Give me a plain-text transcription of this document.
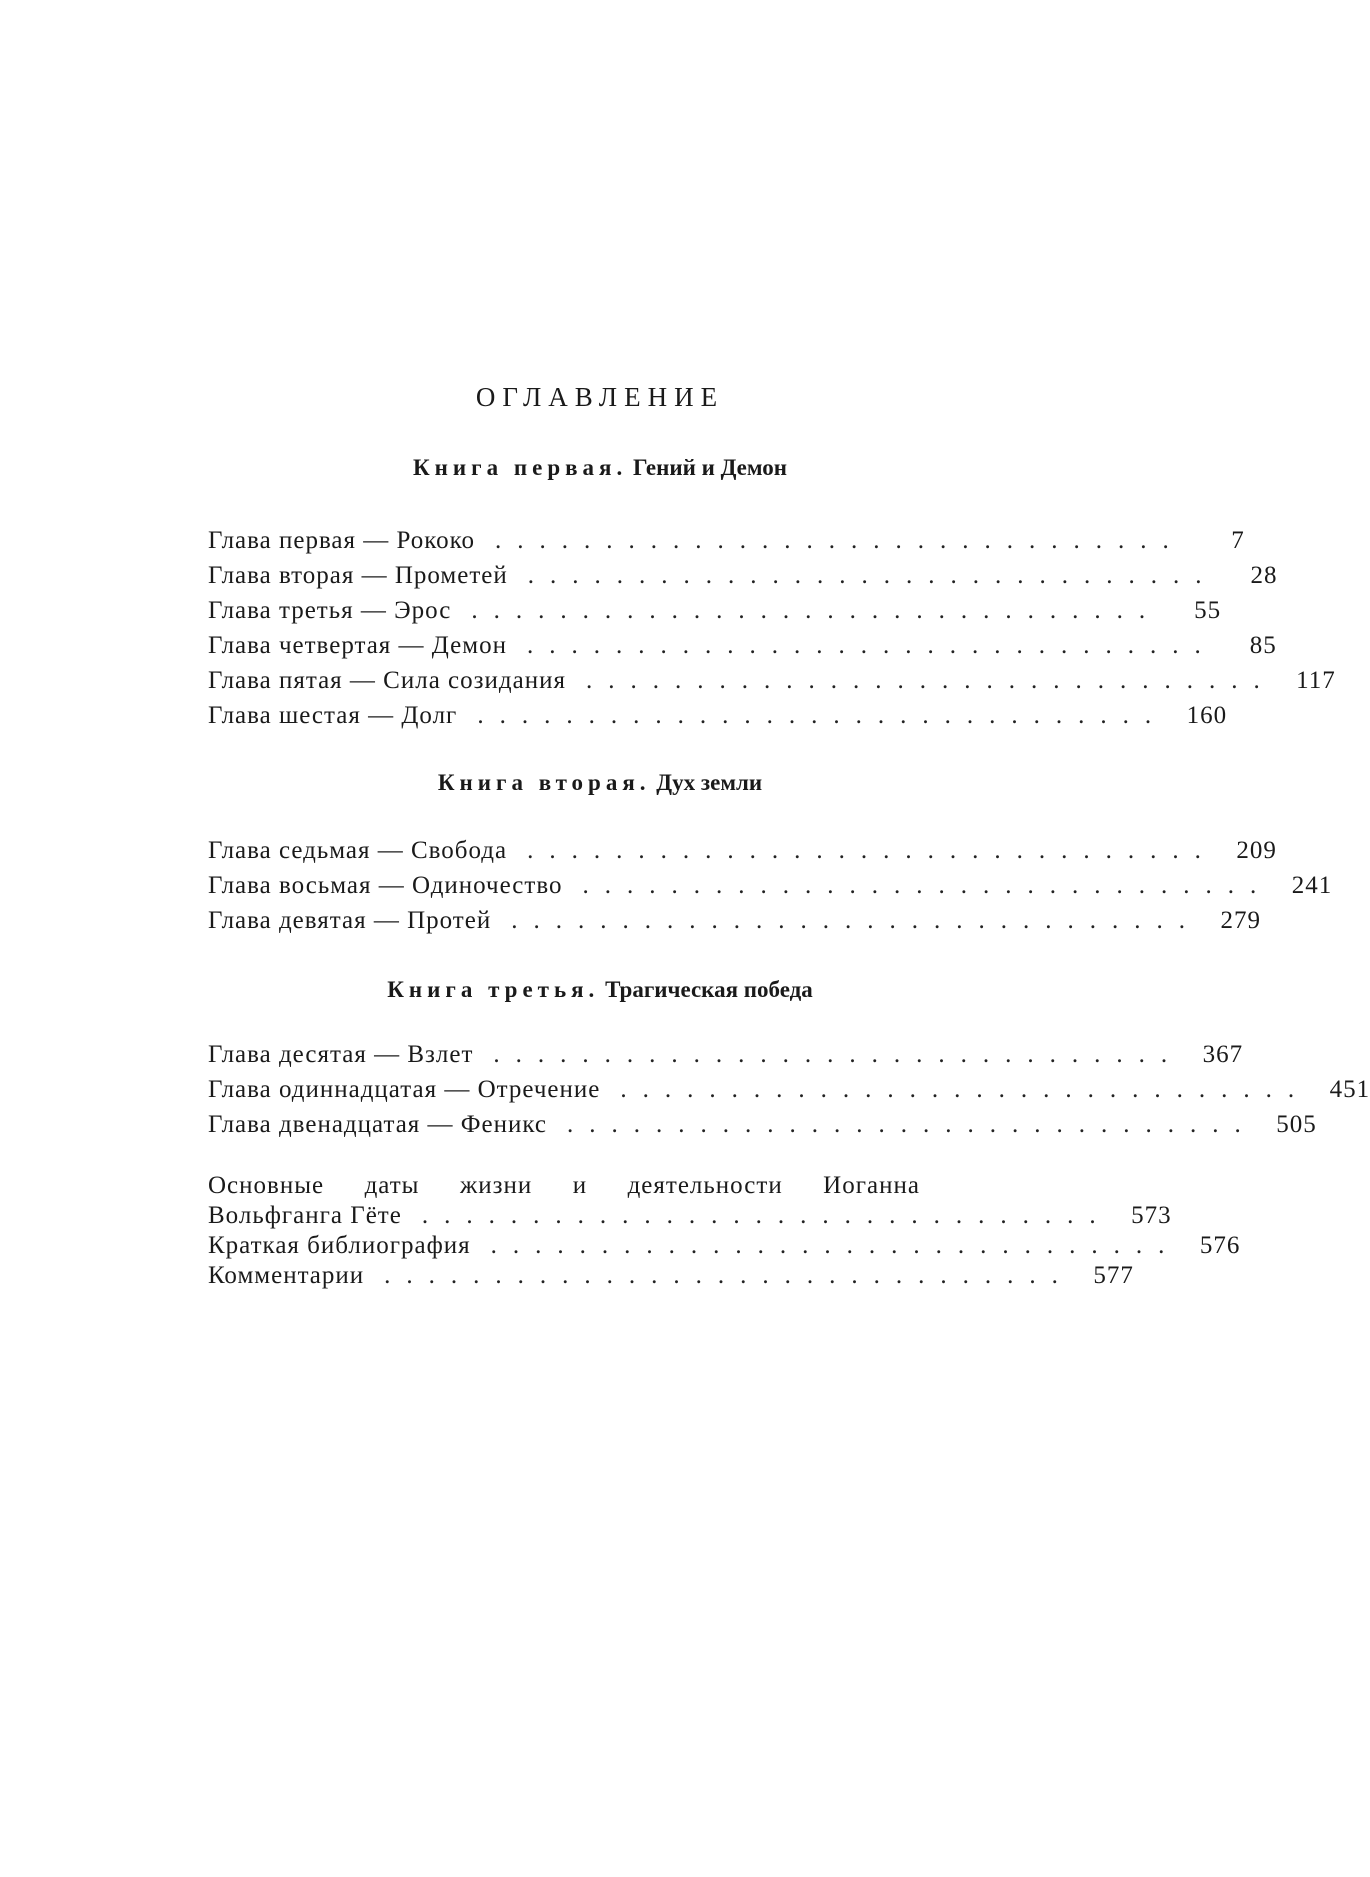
ОГЛАВЛЕНИЕ
Книга первая. Гений и Демон
Глава первая — Рококо ...............................	7
Глава вторая — Прометей ...............................	28
Глава третья — Эрос ...............................	55
Глава четвертая — Демон ...............................	85
Глава пятая — Сила созидания ............................... 117
Глава шестая — Долг ............................... 160
Книга вторая. Дух земли
Глава седьмая — Свобода ............................... 209
Глава восьмая — Одиночество ............................... 241
Глава девятая — Протей ............................... 279
Книга третья. Трагическая победа
Глава десятая — Взлет ............................... 367
Глава одиннадцатая — Отречение ............................... 451
Глава двенадцатая — Феникс ............................... 505
Основные даты жизни и деятельности Иоганна
Вольфганга Гёте ............................... 573
Краткая библиография ............................... 576
Комментарии ............................... 577
